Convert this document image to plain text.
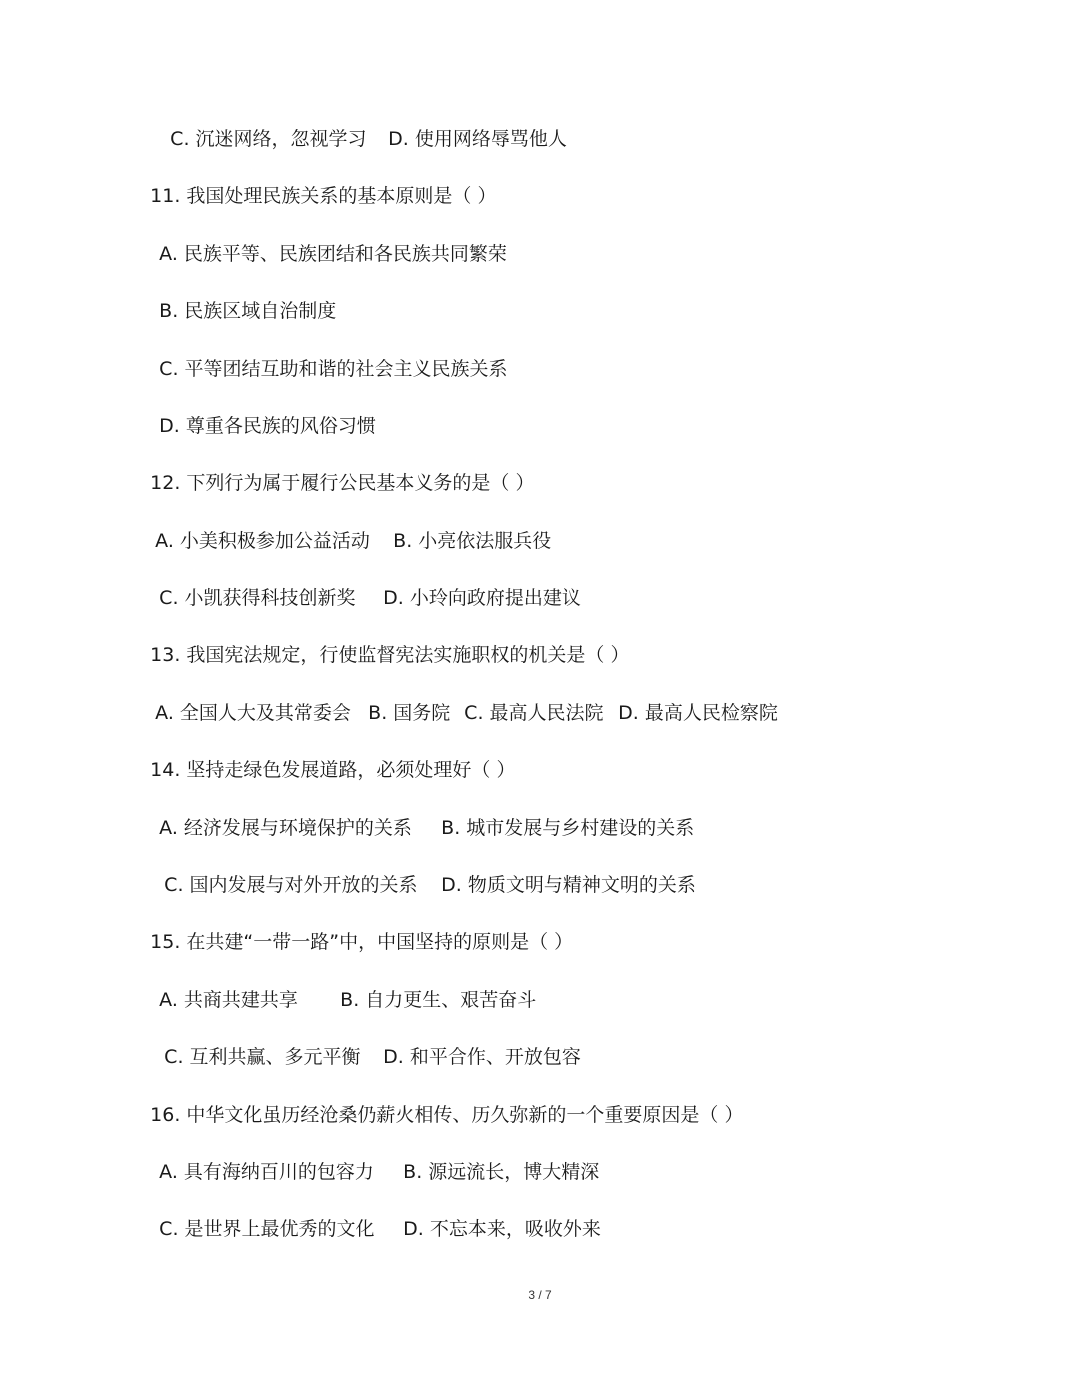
C. 沉迷网络，忽视学习 D. 使用网络辱骂他人

11. 我国处理民族关系的基本原则是（ ）

A. 民族平等、民族团结和各民族共同繁荣

B. 民族区域自治制度

C. 平等团结互助和谐的社会主义民族关系

D. 尊重各民族的风俗习惯

12. 下列行为属于履行公民基本义务的是（ ）

A. 小美积极参加公益活动 B. 小亮依法服兵役

C. 小凯获得科技创新奖 D. 小玲向政府提出建议

13. 我国宪法规定，行使监督宪法实施职权的机关是（ ）

A. 全国人大及其常委会 B. 国务院 C. 最高人民法院 D. 最高人民检察院

14. 坚持走绿色发展道路，必须处理好（ ）

A. 经济发展与环境保护的关系 B. 城市发展与乡村建设的关系

C. 国内发展与对外开放的关系 D. 物质文明与精神文明的关系

15. 在共建“一带一路”中，中国坚持的原则是（ ）

A. 共商共建共享 B. 自力更生、艰苦奋斗

C. 互利共赢、多元平衡 D. 和平合作、开放包容

16. 中华文化虽历经沧桑仍薪火相传、历久弥新的一个重要原因是（ ）

A. 具有海纳百川的包容力 B. 源远流长，博大精深

C. 是世界上最优秀的文化 D. 不忘本来，吸收外来

3 / 7
